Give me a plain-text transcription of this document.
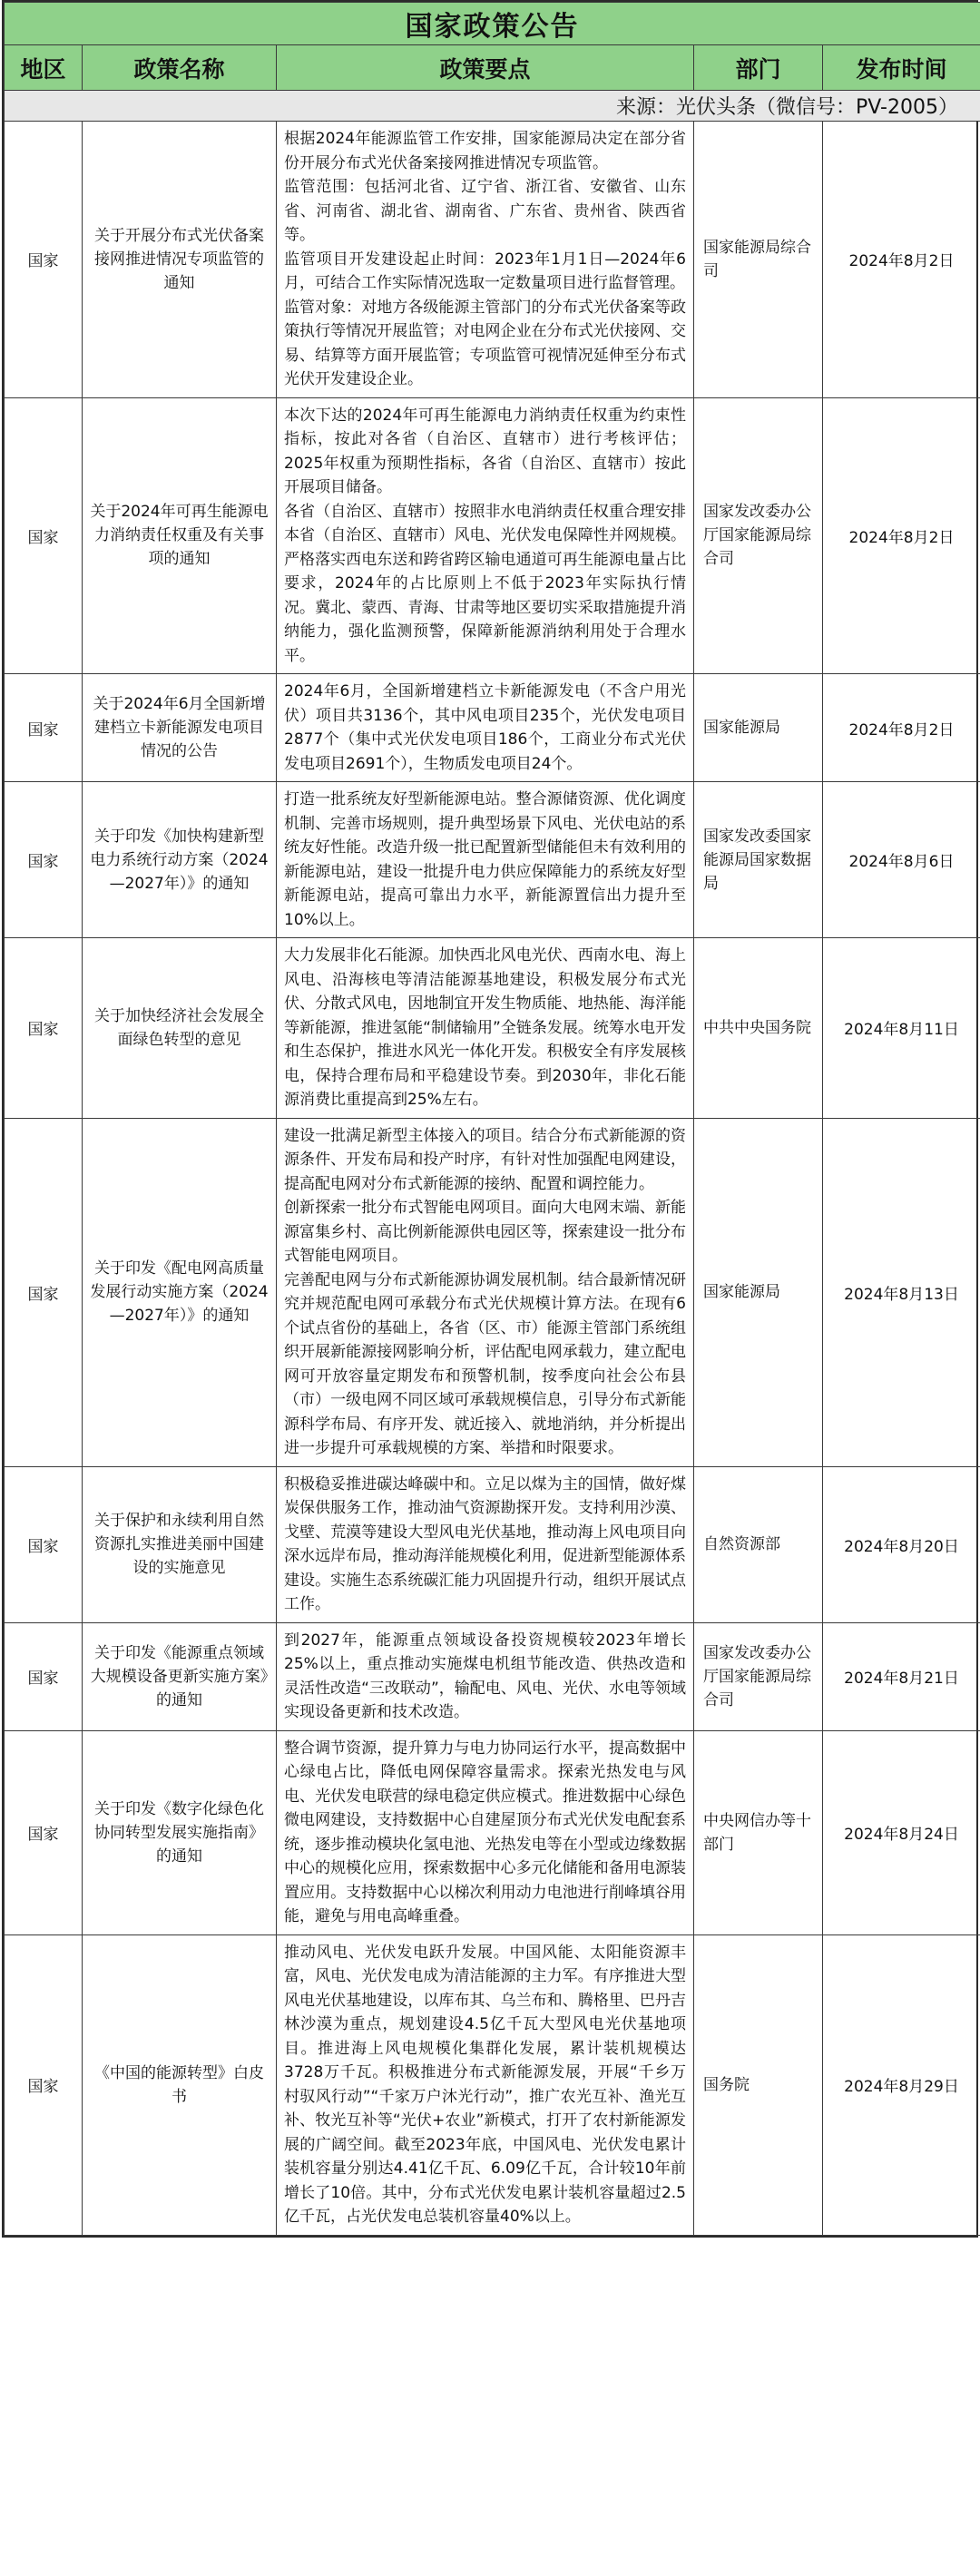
国家政策公告				
地区	政策名称	政策要点	部门	发布时间
来源：光伏头条（微信号：PV-2005）				
国家	关于开展分布式光伏备案接网推进情况专项监管的通知	根据2024年能源监管工作安排，国家能源局决定在部分省份开展分布式光伏备案接网推进情况专项监管。

监管范围：包括河北省、辽宁省、浙江省、安徽省、山东省、河南省、湖北省、湖南省、广东省、贵州省、陕西省等。

监管项目开发建设起止时间：2023年1月1日—2024年6月，可结合工作实际情况选取一定数量项目进行监督管理。

监管对象：对地方各级能源主管部门的分布式光伏备案等政策执行等情况开展监管；对电网企业在分布式光伏接网、交易、结算等方面开展监管；专项监管可视情况延伸至分布式光伏开发建设企业。	国家能源局综合司	2024年8月2日
国家	关于2024年可再生能源电力消纳责任权重及有关事项的通知	本次下达的2024年可再生能源电力消纳责任权重为约束性指标，按此对各省（自治区、直辖市）进行考核评估；2025年权重为预期性指标，各省（自治区、直辖市）按此开展项目储备。

各省（自治区、直辖市）按照非水电消纳责任权重合理安排本省（自治区、直辖市）风电、光伏发电保障性并网规模。严格落实西电东送和跨省跨区输电通道可再生能源电量占比要求，2024年的占比原则上不低于2023年实际执行情况。冀北、蒙西、青海、甘肃等地区要切实采取措施提升消纳能力，强化监测预警，保障新能源消纳利用处于合理水平。	国家发改委办公厅国家能源局综合司	2024年8月2日
国家	关于2024年6月全国新增建档立卡新能源发电项目情况的公告	2024年6月，全国新增建档立卡新能源发电（不含户用光伏）项目共3136个，其中风电项目235个，光伏发电项目2877个（集中式光伏发电项目186个，工商业分布式光伏发电项目2691个），生物质发电项目24个。	国家能源局	2024年8月2日
国家	关于印发《加快构建新型电力系统行动方案（2024—2027年）》的通知	打造一批系统友好型新能源电站。整合源储资源、优化调度机制、完善市场规则，提升典型场景下风电、光伏电站的系统友好性能。改造升级一批已配置新型储能但未有效利用的新能源电站，建设一批提升电力供应保障能力的系统友好型新能源电站，提高可靠出力水平，新能源置信出力提升至10%以上。	国家发改委国家能源局国家数据局	2024年8月6日
国家	关于加快经济社会发展全面绿色转型的意见	大力发展非化石能源。加快西北风电光伏、西南水电、海上风电、沿海核电等清洁能源基地建设，积极发展分布式光伏、分散式风电，因地制宜开发生物质能、地热能、海洋能等新能源，推进氢能“制储输用”全链条发展。统筹水电开发和生态保护，推进水风光一体化开发。积极安全有序发展核电，保持合理布局和平稳建设节奏。到2030年，非化石能源消费比重提高到25%左右。	中共中央国务院	2024年8月11日
国家	关于印发《配电网高质量发展行动实施方案（2024—2027年）》的通知	建设一批满足新型主体接入的项目。结合分布式新能源的资源条件、开发布局和投产时序，有针对性加强配电网建设，提高配电网对分布式新能源的接纳、配置和调控能力。

创新探索一批分布式智能电网项目。面向大电网末端、新能源富集乡村、高比例新能源供电园区等，探索建设一批分布式智能电网项目。

完善配电网与分布式新能源协调发展机制。结合最新情况研究并规范配电网可承载分布式光伏规模计算方法。在现有6个试点省份的基础上，各省（区、市）能源主管部门系统组织开展新能源接网影响分析，评估配电网承载力，建立配电网可开放容量定期发布和预警机制，按季度向社会公布县（市）一级电网不同区域可承载规模信息，引导分布式新能源科学布局、有序开发、就近接入、就地消纳，并分析提出进一步提升可承载规模的方案、举措和时限要求。	国家能源局	2024年8月13日
国家	关于保护和永续利用自然资源扎实推进美丽中国建设的实施意见	积极稳妥推进碳达峰碳中和。立足以煤为主的国情，做好煤炭保供服务工作，推动油气资源勘探开发。支持利用沙漠、戈壁、荒漠等建设大型风电光伏基地，推动海上风电项目向深水远岸布局，推动海洋能规模化利用，促进新型能源体系建设。实施生态系统碳汇能力巩固提升行动，组织开展试点工作。	自然资源部	2024年8月20日
国家	关于印发《能源重点领域大规模设备更新实施方案》的通知	到2027年，能源重点领域设备投资规模较2023年增长25%以上，重点推动实施煤电机组节能改造、供热改造和灵活性改造“三改联动”，输配电、风电、光伏、水电等领域实现设备更新和技术改造。	国家发改委办公厅国家能源局综合司	2024年8月21日
国家	关于印发《数字化绿色化协同转型发展实施指南》的通知	整合调节资源，提升算力与电力协同运行水平，提高数据中心绿电占比，降低电网保障容量需求。探索光热发电与风电、光伏发电联营的绿电稳定供应模式。推进数据中心绿色微电网建设，支持数据中心自建屋顶分布式光伏发电配套系统，逐步推动模块化氢电池、光热发电等在小型或边缘数据中心的规模化应用，探索数据中心多元化储能和备用电源装置应用。支持数据中心以梯次利用动力电池进行削峰填谷用能，避免与用电高峰重叠。	中央网信办等十部门	2024年8月24日
国家	《中国的能源转型》白皮书	推动风电、光伏发电跃升发展。中国风能、太阳能资源丰富，风电、光伏发电成为清洁能源的主力军。有序推进大型风电光伏基地建设，以库布其、乌兰布和、腾格里、巴丹吉林沙漠为重点，规划建设4.5亿千瓦大型风电光伏基地项目。推进海上风电规模化集群化发展，累计装机规模达3728万千瓦。积极推进分布式新能源发展，开展“千乡万村驭风行动”“千家万户沐光行动”，推广农光互补、渔光互补、牧光互补等“光伏+农业”新模式，打开了农村新能源发展的广阔空间。截至2023年底，中国风电、光伏发电累计装机容量分别达4.41亿千瓦、6.09亿千瓦，合计较10年前增长了10倍。其中，分布式光伏发电累计装机容量超过2.5亿千瓦，占光伏发电总装机容量40%以上。	国务院	2024年8月29日
